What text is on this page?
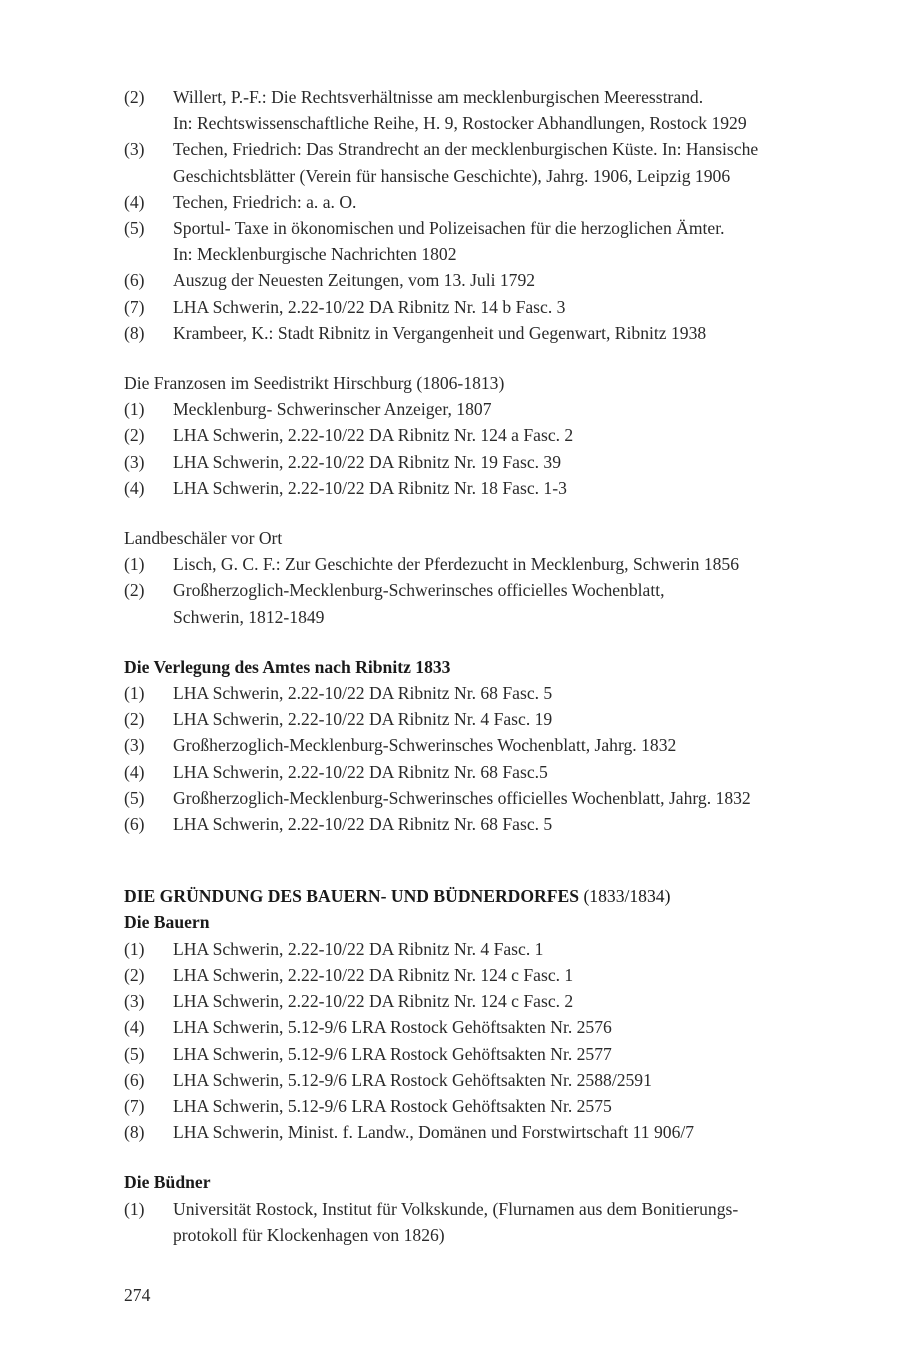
(2)	Willert, P.-F.: Die Rechtsverhältnisse am mecklenburgischen Meeresstrand.
In: Rechtswissenschaftliche Reihe, H. 9, Rostocker Abhandlungen, Rostock 1929
(3)	Techen, Friedrich: Das Strandrecht an der mecklenburgischen Küste. In: Hansische
Geschichtsblätter (Verein für hansische Geschichte), Jahrg. 1906, Leipzig 1906
(4)	Techen, Friedrich: a. a. O.
(5)	Sportul- Taxe in ökonomischen und Polizeisachen für die herzoglichen Ämter.
In: Mecklenburgische Nachrichten 1802
(6)	Auszug der Neuesten Zeitungen, vom 13. Juli 1792
(7)	LHA Schwerin, 2.22-10/22 DA Ribnitz Nr. 14 b Fasc. 3
(8)	Krambeer, K.: Stadt Ribnitz in Vergangenheit und Gegenwart, Ribnitz 1938
Die Franzosen im Seedistrikt Hirschburg (1806-1813)
(1)	Mecklenburg- Schwerinscher Anzeiger, 1807
(2)	LHA Schwerin, 2.22-10/22 DA Ribnitz Nr. 124 a Fasc. 2
(3)	LHA Schwerin, 2.22-10/22 DA Ribnitz Nr. 19 Fasc. 39
(4)	LHA Schwerin, 2.22-10/22 DA Ribnitz Nr. 18 Fasc. 1-3
Landbeschäler vor Ort
(1)	Lisch, G. C. F.: Zur Geschichte der Pferdezucht in Mecklenburg, Schwerin 1856
(2)	Großherzoglich-Mecklenburg-Schwerinsches officielles Wochenblatt,
Schwerin, 1812-1849
Die Verlegung des Amtes nach Ribnitz 1833
(1)	LHA Schwerin, 2.22-10/22 DA Ribnitz Nr. 68 Fasc. 5
(2)	LHA Schwerin, 2.22-10/22 DA Ribnitz Nr. 4 Fasc. 19
(3)	Großherzoglich-Mecklenburg-Schwerinsches Wochenblatt, Jahrg. 1832
(4)	LHA Schwerin, 2.22-10/22 DA Ribnitz Nr. 68 Fasc.5
(5)	Großherzoglich-Mecklenburg-Schwerinsches officielles Wochenblatt, Jahrg. 1832
(6)	LHA Schwerin, 2.22-10/22 DA Ribnitz Nr. 68 Fasc. 5
DIE GRÜNDUNG DES BAUERN- UND BÜDNERDORFES (1833/1834)
Die Bauern
(1)	LHA Schwerin, 2.22-10/22 DA Ribnitz Nr. 4 Fasc. 1
(2)	LHA Schwerin, 2.22-10/22 DA Ribnitz Nr. 124 c Fasc. 1
(3)	LHA Schwerin, 2.22-10/22 DA Ribnitz Nr. 124 c Fasc. 2
(4)	LHA Schwerin, 5.12-9/6 LRA Rostock Gehöftsakten Nr. 2576
(5)	LHA Schwerin, 5.12-9/6 LRA Rostock Gehöftsakten Nr. 2577
(6)	LHA Schwerin, 5.12-9/6 LRA Rostock Gehöftsakten Nr. 2588/2591
(7)	LHA Schwerin, 5.12-9/6 LRA Rostock Gehöftsakten Nr. 2575
(8)	LHA Schwerin, Minist. f. Landw., Domänen und Forstwirtschaft 11 906/7
Die Büdner
(1)	Universität Rostock, Institut für Volkskunde, (Flurnamen aus dem Bonitierungs-
protokoll für Klockenhagen von 1826)
274
